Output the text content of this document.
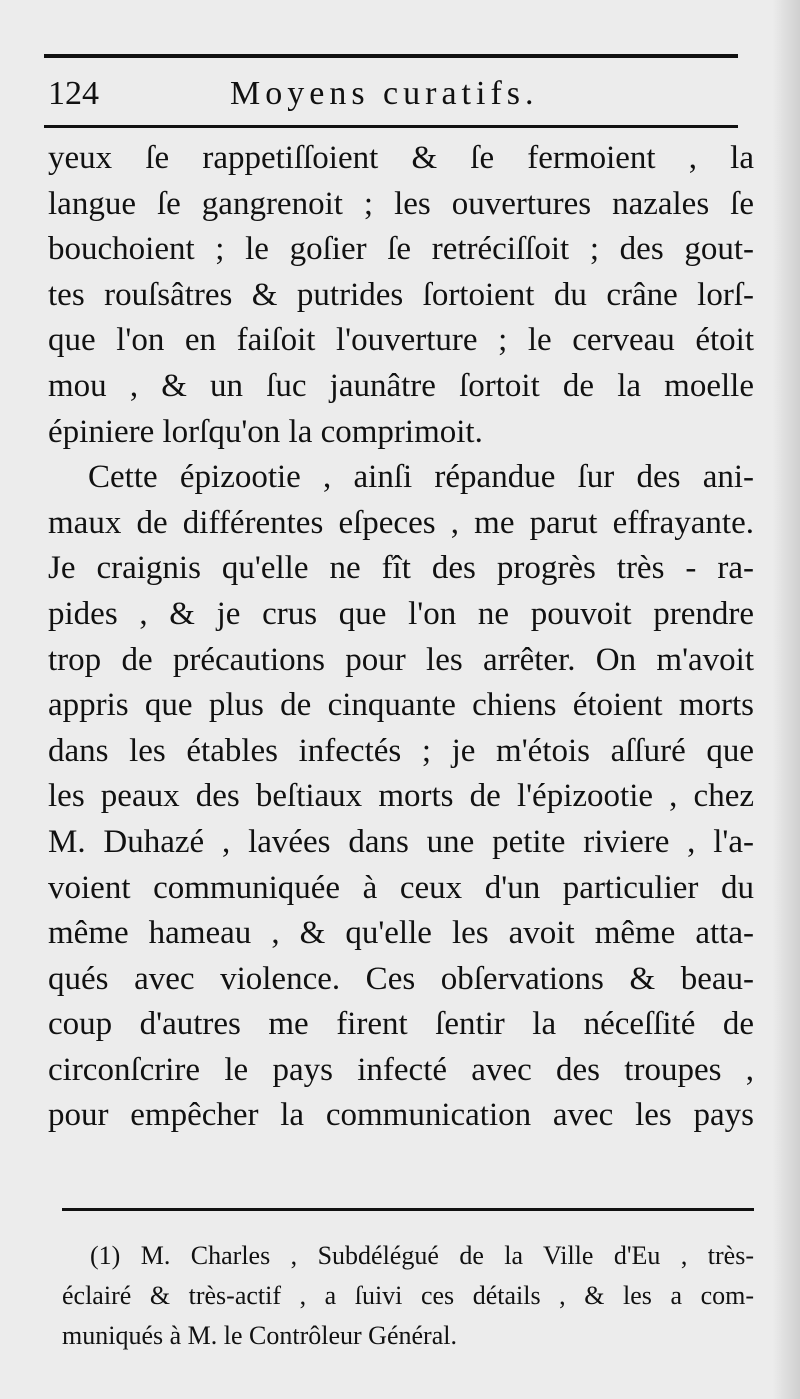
124	Moyens curatifs.
yeux ſe rappetiſſoient & ſe fermoient , la
langue ſe gangrenoit ; les ouvertures nazales ſe
bouchoient ; le goſier ſe retréciſſoit ; des gout-
tes rouſsâtres & putrides ſortoient du crâne lorſ-
que l'on en faiſoit l'ouverture ; le cerveau étoit
mou , & un ſuc jaunâtre ſortoit de la moelle
épiniere lorſqu'on la comprimoit.
Cette épizootie , ainſi répandue ſur des ani-
maux de différentes eſpeces , me parut effrayante.
Je craignis qu'elle ne fît des progrès très - ra-
pides , & je crus que l'on ne pouvoit prendre
trop de précautions pour les arrêter. On m'avoit
appris que plus de cinquante chiens étoient morts
dans les étables infectés ; je m'étois aſſuré que
les peaux des beſtiaux morts de l'épizootie , chez
M. Duhazé , lavées dans une petite riviere , l'a-
voient communiquée à ceux d'un particulier du
même hameau , & qu'elle les avoit même atta-
qués avec violence. Ces obſervations & beau-
coup d'autres me firent ſentir la néceſſité de
circonſcrire le pays infecté avec des troupes ,
pour empêcher la communication avec les pays
(1) M. Charles , Subdélégué de la Ville d'Eu , très-
éclairé & très-actif , a ſuivi ces détails , & les a com-
muniqués à M. le Contrôleur Général.
